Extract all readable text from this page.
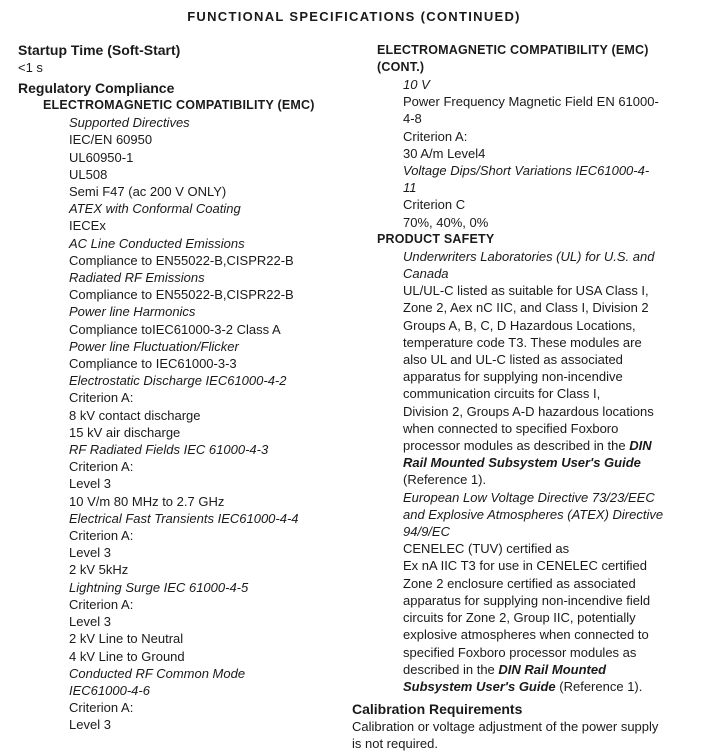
FUNCTIONAL SPECIFICATIONS (CONTINUED)

Startup Time (Soft-Start)

<1 s

Regulatory Compliance

ELECTROMAGNETIC COMPATIBILITY (EMC)

Supported Directives

IEC/EN 60950

UL60950-1

UL508

Semi F47 (ac 200 V ONLY)

ATEX with Conformal Coating

IECEx

AC Line Conducted Emissions

Compliance to EN55022-B,CISPR22-B

Radiated RF Emissions

Compliance to EN55022-B,CISPR22-B

Power line Harmonics

Compliance toIEC61000-3-2 Class A

Power line Fluctuation/Flicker

Compliance to IEC61000-3-3

Electrostatic Discharge IEC61000-4-2

Criterion A:

8 kV contact discharge

15 kV air discharge

RF Radiated Fields IEC 61000-4-3

Criterion A:

Level 3

10 V/m 80 MHz to 2.7 GHz

Electrical Fast Transients IEC61000-4-4

Criterion A:

Level 3

2 kV 5kHz

Lightning Surge IEC 61000-4-5

Criterion A:

Level 3

2 kV Line to Neutral

4 kV Line to Ground

Conducted RF Common Mode

IEC61000-4-6

Criterion A:

Level 3

ELECTROMAGNETIC COMPATIBILITY (EMC)

(CONT.)

10 V

Power Frequency Magnetic Field EN 61000-

4-8

Criterion A:

30 A/m Level4

Voltage Dips/Short Variations IEC61000-4-

11

Criterion C

70%, 40%, 0%

PRODUCT SAFETY

Underwriters Laboratories (UL) for U.S. and

Canada

UL/UL-C listed as suitable for USA Class I,

Zone 2, Aex nC IIC, and Class I, Division 2

Groups A, B, C, D Hazardous Locations,

temperature code T3. These modules are

also UL and UL-C listed as associated

apparatus for supplying non-incendive

communication circuits for Class I,

Division 2, Groups A-D hazardous locations

when connected to specified Foxboro

processor modules as described in the DIN

Rail Mounted Subsystem User's Guide

(Reference 1).

European Low Voltage Directive 73/23/EEC

and Explosive Atmospheres (ATEX) Directive

94/9/EC

CENELEC (TUV) certified as

Ex nA IIC T3 for use in CENELEC certified

Zone 2 enclosure certified as associated

apparatus for supplying non-incendive field

circuits for Zone 2, Group IIC, potentially

explosive atmospheres when connected to

specified Foxboro processor modules as

described in the DIN Rail Mounted

Subsystem User's Guide (Reference 1).

Calibration Requirements

Calibration or voltage adjustment of the power supply

is not required.
